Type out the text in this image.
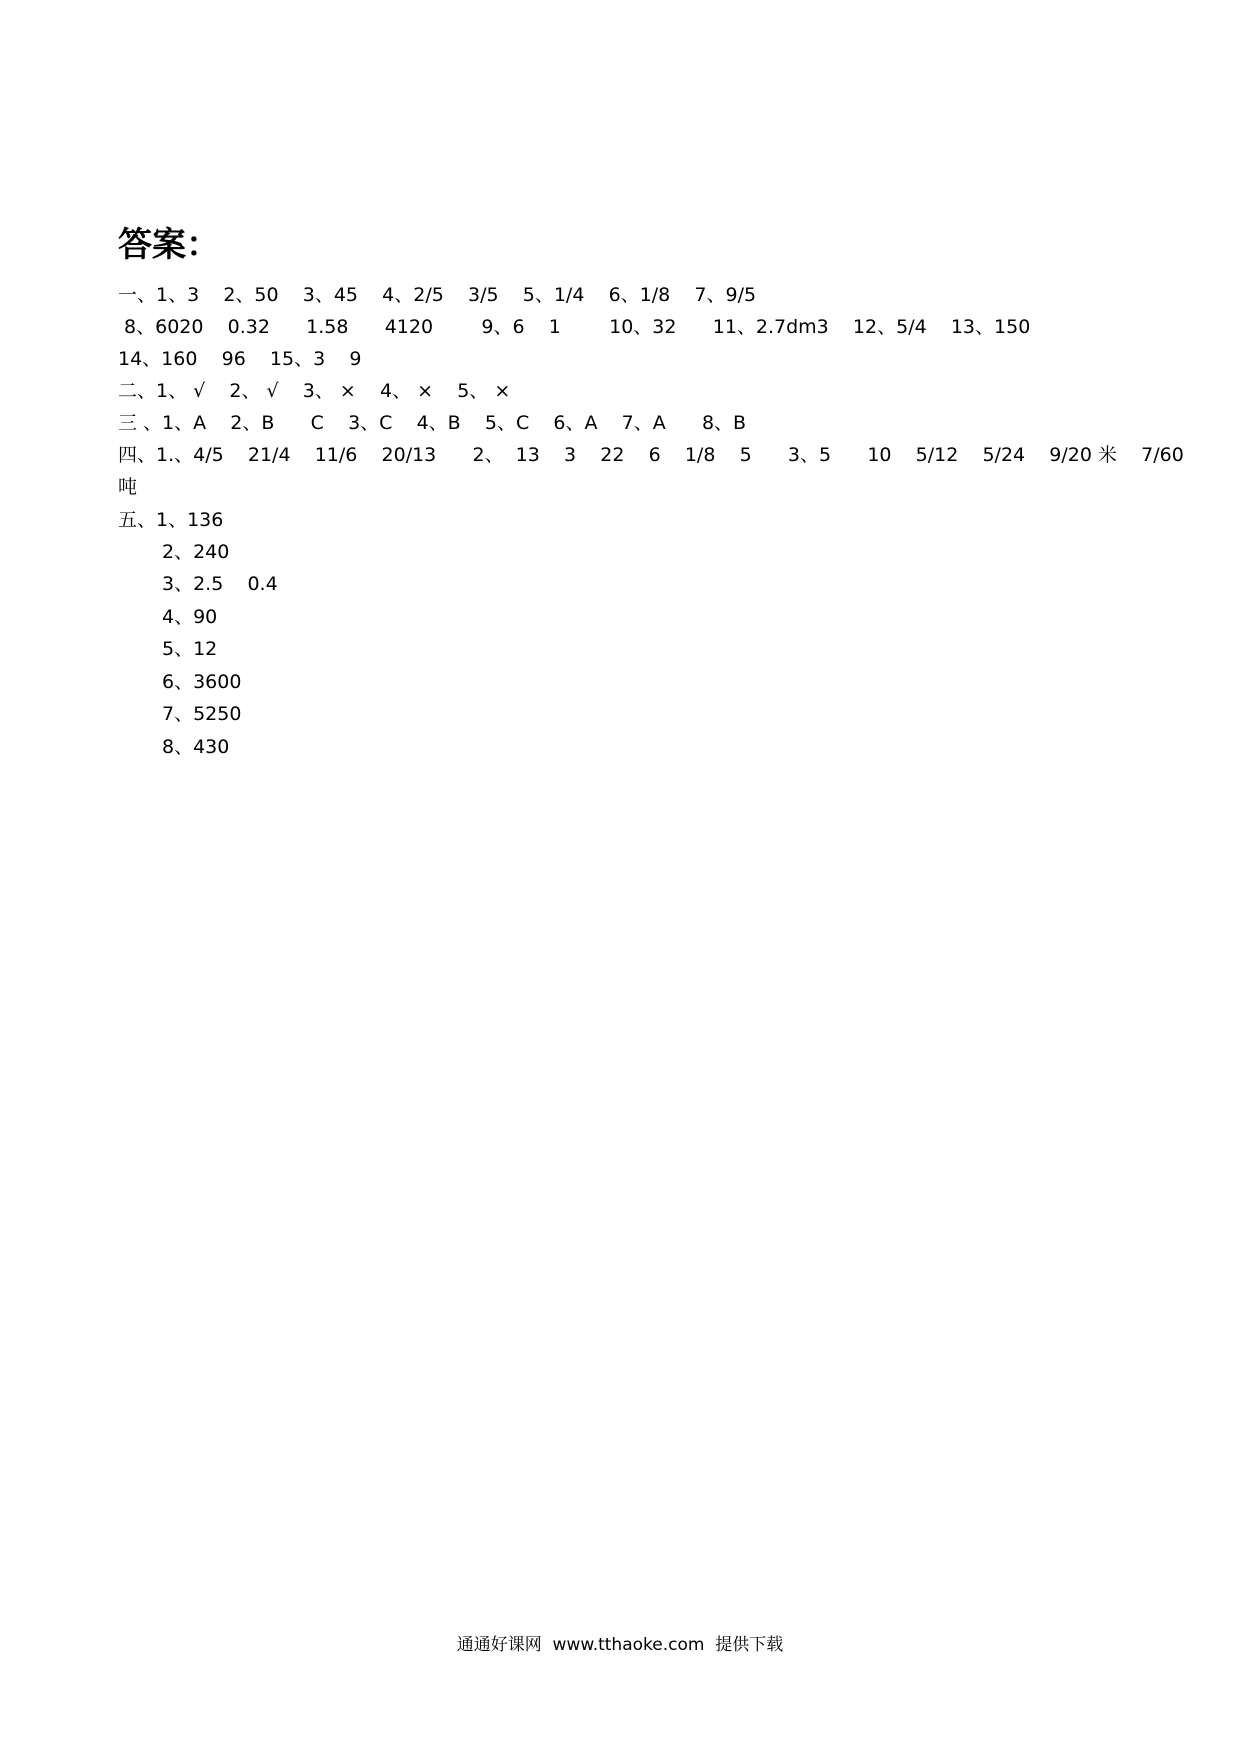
答案：
一、1、3    2、50    3、45    4、2/5    3/5    5、1/4    6、1/8    7、9/5
8、6020    0.32      1.58      4120        9、6    1        10、32      11、2.7dm3    12、5/4    13、150
14、160    96    15、3    9
二、1、 √    2、 √    3、 ×    4、 ×    5、 ×
三 、1、A    2、B      C    3、C    4、B    5、C    6、A    7、A      8、B
四、1.、4/5    21/4    11/6    20/13      2、  13    3    22    6    1/8    5      3、5      10    5/12    5/24    9/20 米    7/60
吨
五、1、136
2、240
3、2.5    0.4
4、90
5、12
6、3600
7、5250
8、430
通通好课网  www.tthaoke.com  提供下载
